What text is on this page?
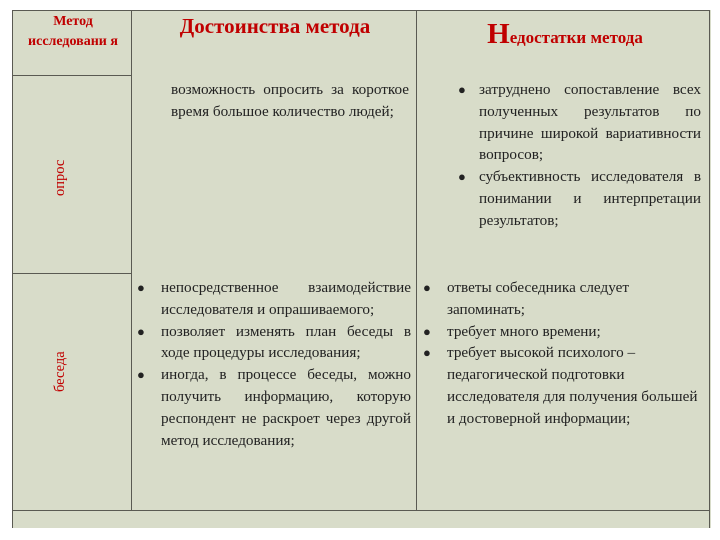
Метод исследовани я
Достоинства метода	Недостатки метода
опрос
беседа
возможность опросить за короткое время большое количество людей;
● затруднено сопоставление всех полученных результатов по причине широкой вариативности вопросов;
● субъективность исследователя в понимании и интерпретации результатов;
● непосредственное взаимодействие исследователя и опрашиваемого;
● позволяет изменять план беседы в ходе процедуры исследования;
● иногда, в процессе беседы, можно получить информацию, которую респондент не раскроет через другой метод исследования;
● ответы собеседника следует запоминать;
● требует много времени;
● требует высокой психолого – педагогической подготовки исследователя для получения большей и достоверной информации;
